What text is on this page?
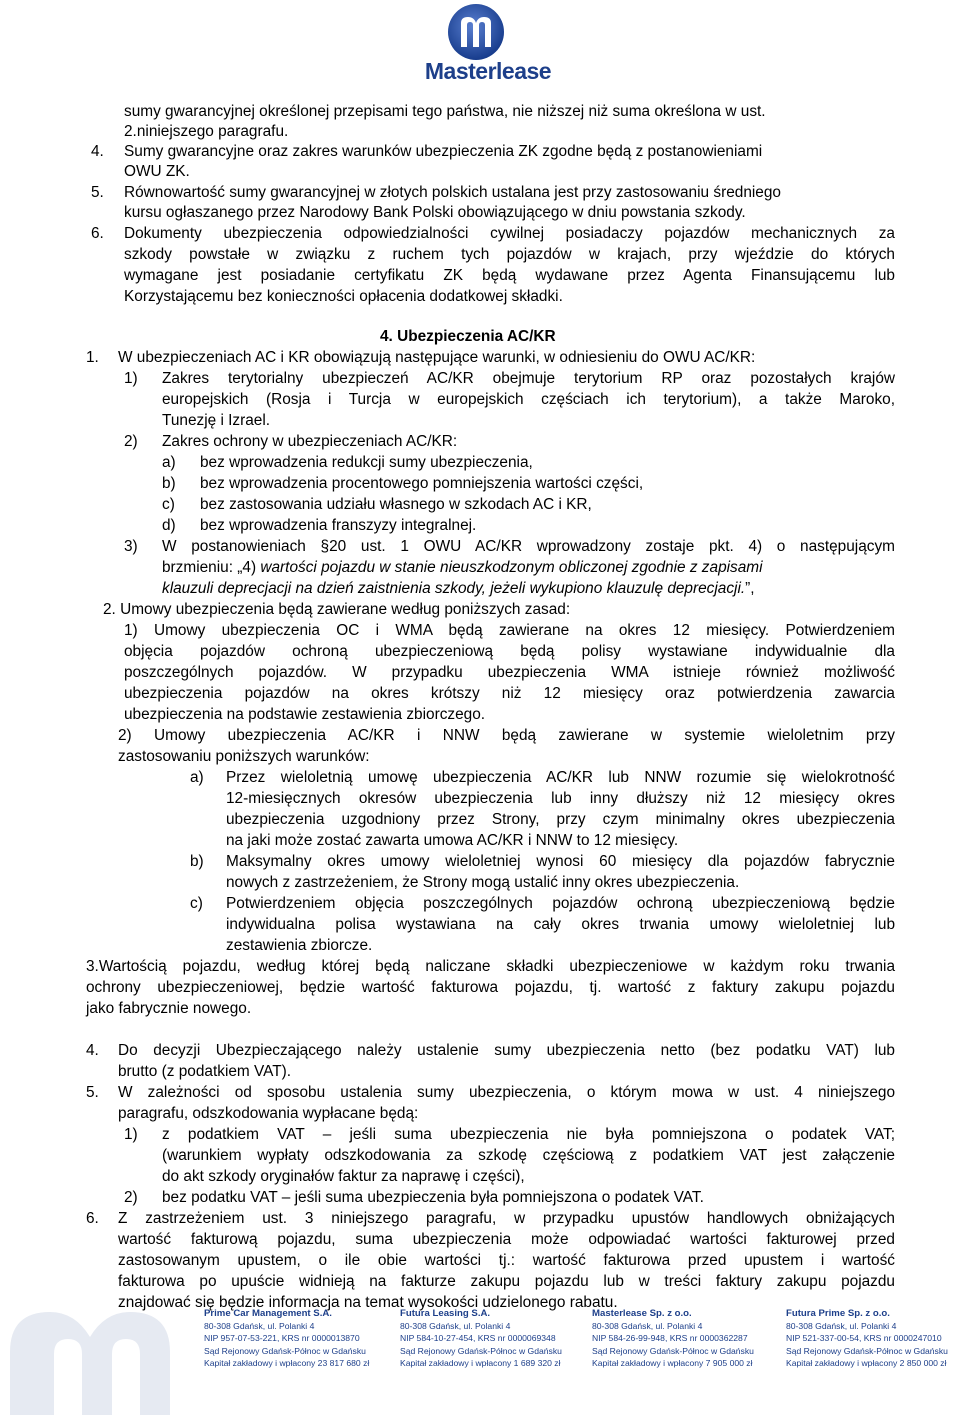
Masterlease
sumy gwarancyjnej określonej przepisami tego państwa, nie niższej niż suma określona w ust.
2.niniejszego paragrafu.
4. Sumy gwarancyjne oraz zakres warunków ubezpieczenia ZK zgodne będą z postanowieniami
OWU ZK.
5. Równowartość sumy gwarancyjnej w złotych polskich ustalana jest przy zastosowaniu średniego
kursu ogłaszanego przez Narodowy Bank Polski obowiązującego w dniu powstania szkody.
6. Dokumenty ubezpieczenia odpowiedzialności cywilnej posiadaczy pojazdów mechanicznych za
szkody powstałe w związku z ruchem tych pojazdów w krajach, przy wjeździe do których
wymagane jest posiadanie certyfikatu ZK będą wydawane przez Agenta Finansującemu lub
Korzystającemu bez konieczności opłacenia dodatkowej składki.
4. Ubezpieczenia AC/KR
1. W ubezpieczeniach AC i KR obowiązują następujące warunki, w odniesieniu do OWU AC/KR:
1) Zakres terytorialny ubezpieczeń AC/KR obejmuje terytorium RP oraz pozostałych krajów
europejskich (Rosja i Turcja w europejskich częściach ich terytorium), a także Maroko,
Tunezję i Izrael.
2) Zakres ochrony w ubezpieczeniach AC/KR:
a) bez wprowadzenia redukcji sumy ubezpieczenia,
b) bez wprowadzenia procentowego pomniejszenia wartości części,
c) bez zastosowania udziału własnego w szkodach AC i KR,
d) bez wprowadzenia franszyzy integralnej.
3) W postanowieniach §20 ust. 1 OWU AC/KR wprowadzony zostaje pkt. 4) o następującym
brzmieniu: „4) wartości pojazdu w stanie nieuszkodzonym obliczonej zgodnie z zapisami
klauzuli deprecjacji na dzień zaistnienia szkody, jeżeli wykupiono klauzulę deprecjacji.”,
2. Umowy ubezpieczenia będą zawierane według poniższych zasad:
1) Umowy ubezpieczenia OC i WMA będą zawierane na okres 12 miesięcy. Potwierdzeniem
objęcia pojazdów ochroną ubezpieczeniową będą polisy wystawiane indywidualnie dla
poszczególnych pojazdów. W przypadku ubezpieczenia WMA istnieje również możliwość
ubezpieczenia pojazdów na okres krótszy niż 12 miesięcy oraz potwierdzenia zawarcia
ubezpieczenia na podstawie zestawienia zbiorczego.
2) Umowy ubezpieczenia AC/KR i NNW będą zawierane w systemie wieloletnim przy
zastosowaniu poniższych warunków:
a) Przez wieloletnią umowę ubezpieczenia AC/KR lub NNW rozumie się wielokrotność
12-miesięcznych okresów ubezpieczenia lub inny dłuższy niż 12 miesięcy okres
ubezpieczenia uzgodniony przez Strony, przy czym minimalny okres ubezpieczenia
na jaki może zostać zawarta umowa AC/KR i NNW to 12 miesięcy.
b) Maksymalny okres umowy wieloletniej wynosi 60 miesięcy dla pojazdów fabrycznie
nowych z zastrzeżeniem, że Strony mogą ustalić inny okres ubezpieczenia.
c) Potwierdzeniem objęcia poszczególnych pojazdów ochroną ubezpieczeniową będzie
indywidualna polisa wystawiana na cały okres trwania umowy wieloletniej lub
zestawienia zbiorcze.
3.Wartością pojazdu, według której będą naliczane składki ubezpieczeniowe w każdym roku trwania
ochrony ubezpieczeniowej, będzie wartość fakturowa pojazdu, tj. wartość z faktury zakupu pojazdu
jako fabrycznie nowego.
4. Do decyzji Ubezpieczającego należy ustalenie sumy ubezpieczenia netto (bez podatku VAT) lub
brutto (z podatkiem VAT).
5. W zależności od sposobu ustalenia sumy ubezpieczenia, o którym mowa w ust. 4 niniejszego
paragrafu, odszkodowania wypłacane będą:
1) z podatkiem VAT – jeśli suma ubezpieczenia nie była pomniejszona o podatek VAT;
(warunkiem wypłaty odszkodowania za szkodę częściową z podatkiem VAT jest załączenie
do akt szkody oryginałów faktur za naprawę i części),
2) bez podatku VAT – jeśli suma ubezpieczenia była pomniejszona o podatek VAT.
6. Z zastrzeżeniem ust. 3 niniejszego paragrafu, w przypadku upustów handlowych obniżających
wartość fakturową pojazdu, suma ubezpieczenia może odpowiadać wartości fakturowej przed
zastosowanym upustem, o ile obie wartości tj.: wartość fakturowa przed upustem i wartość
fakturowa po upuście widnieją na fakturze zakupu pojazdu lub w treści faktury zakupu pojazdu
znajdować się będzie informacja na temat wysokości udzielonego rabatu.
Prime Car Management S.A.
80-308 Gdańsk, ul. Polanki 4
NIP 957-07-53-221, KRS nr 0000013870
Sąd Rejonowy Gdańsk-Północ w Gdańsku
Kapitał zakładowy i wpłacony 23 817 680 zł
Futura Leasing S.A.
80-308 Gdańsk, ul. Polanki 4
NIP 584-10-27-454, KRS nr 0000069348
Sąd Rejonowy Gdańsk-Północ w Gdańsku
Kapitał zakładowy i wpłacony 1 689 320 zł
Masterlease Sp. z o.o.
80-308 Gdańsk, ul. Polanki 4
NIP 584-26-99-948, KRS nr 0000362287
Sąd Rejonowy Gdańsk-Północ w Gdańsku
Kapitał zakładowy i wpłacony 7 905 000 zł
Futura Prime Sp. z o.o.
80-308 Gdańsk, ul. Polanki 4
NIP 521-337-00-54, KRS nr 0000247010
Sąd Rejonowy Gdańsk-Północ w Gdańsku
Kapitał zakładowy i wpłacony 2 850 000 zł
